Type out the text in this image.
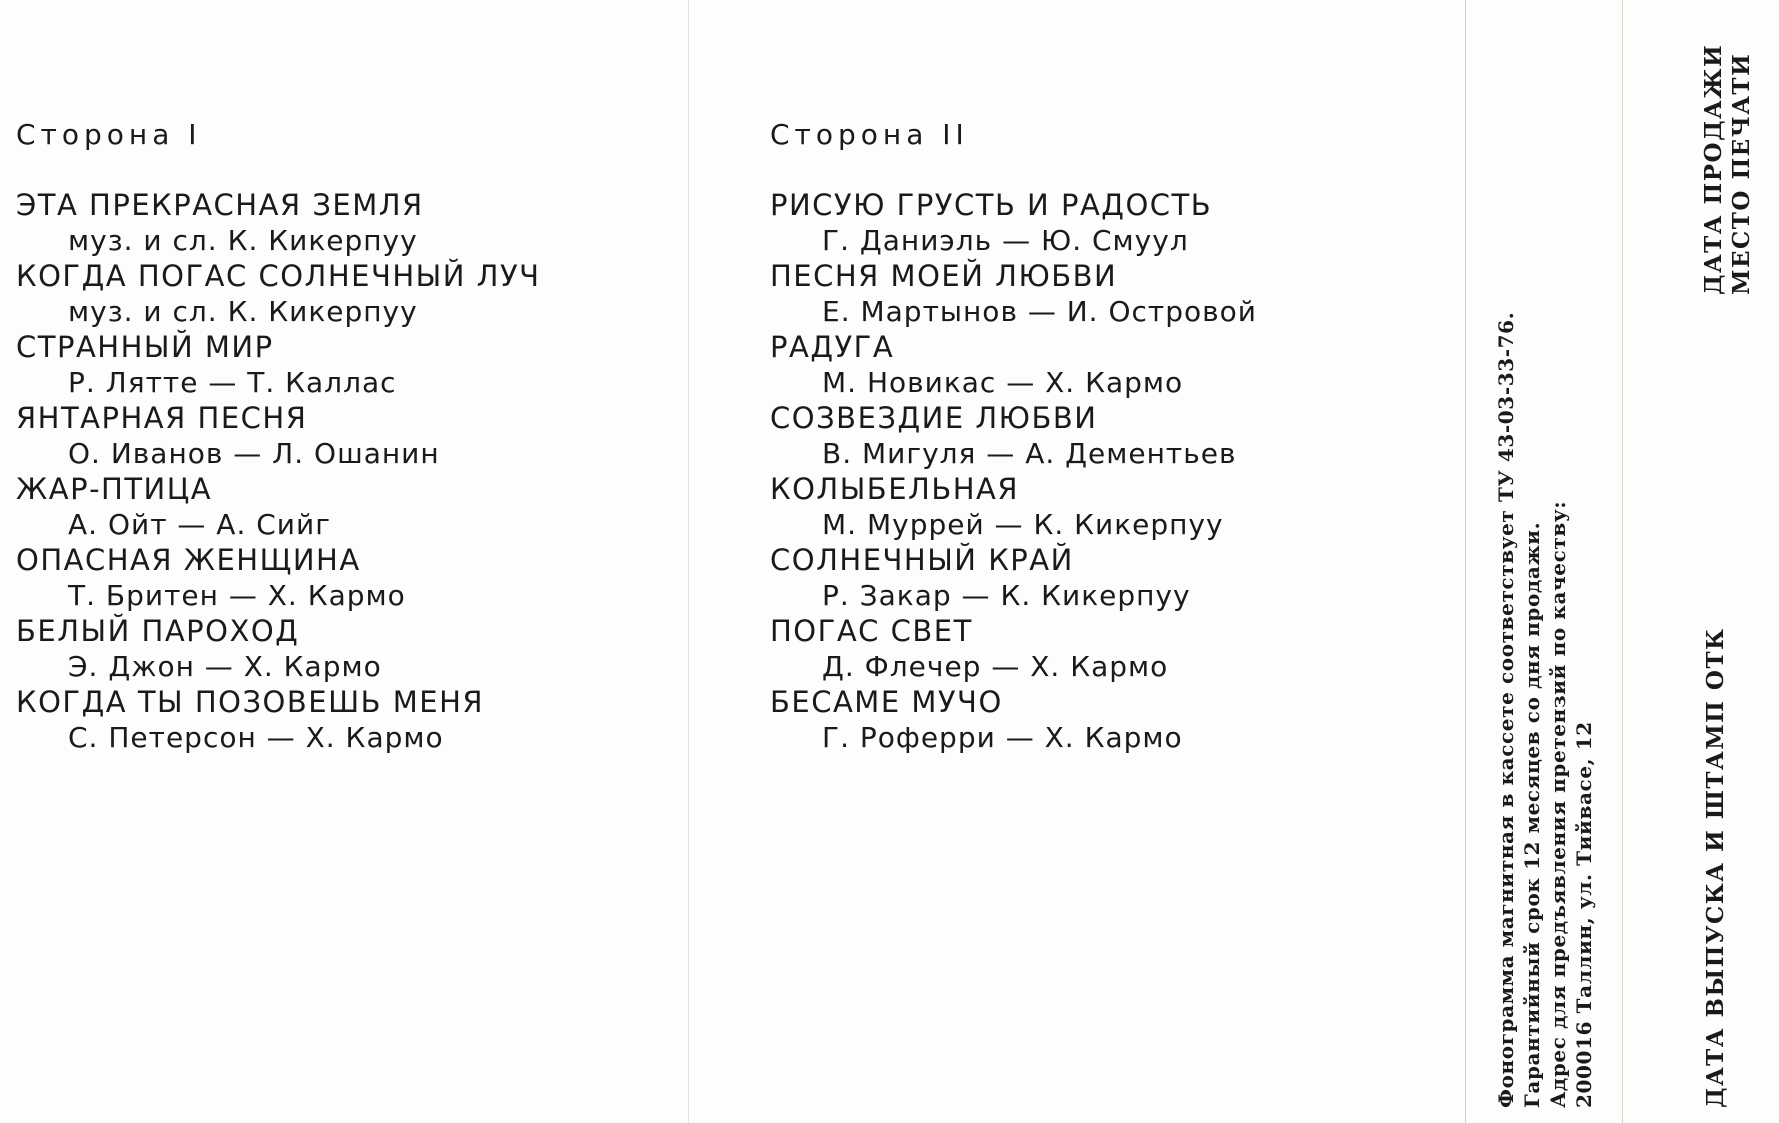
Сторона I
ЭТА ПРЕКРАСНАЯ ЗЕМЛЯ
муз. и сл. К. Кикерпуу
КОГДА ПОГАС СОЛНЕЧНЫЙ ЛУЧ
муз. и сл. К. Кикерпуу
СТРАННЫЙ МИР
Р. Лятте — Т. Каллас
ЯНТАРНАЯ ПЕСНЯ
О. Иванов — Л. Ошанин
ЖАР-ПТИЦА
А. Ойт — А. Сийг
ОПАСНАЯ ЖЕНЩИНА
Т. Бритен — Х. Кармо
БЕЛЫЙ ПАРОХОД
Э. Джон — Х. Кармо
КОГДА ТЫ ПОЗОВЕШЬ МЕНЯ
С. Петерсон — Х. Кармо
Сторона II
РИСУЮ ГРУСТЬ И РАДОСТЬ
Г. Даниэль — Ю. Смуул
ПЕСНЯ МОЕЙ ЛЮБВИ
Е. Мартынов — И. Островой
РАДУГА
М. Новикас — Х. Кармо
СОЗВЕЗДИЕ ЛЮБВИ
В. Мигуля — А. Дементьев
КОЛЫБЕЛЬНАЯ
М. Муррей — К. Кикерпуу
СОЛНЕЧНЫЙ КРАЙ
Р. Закар — К. Кикерпуу
ПОГАС СВЕТ
Д. Флечер — Х. Кармо
БЕСАМЕ МУЧО
Г. Роферри — Х. Кармо	Фонограмма магнитная в кассете соответствует ТУ 43-03-33-76. Гарантийный срок 12 месяцев со дня продажи. Адрес для предъявления претензий по качеству: 200016 Таллин, ул. Тийвасе, 12	ДАТА ВЫПУСКА И ШТАМП ОТК
ДАТА ПРОДАЖИ МЕСТО ПЕЧАТИ
